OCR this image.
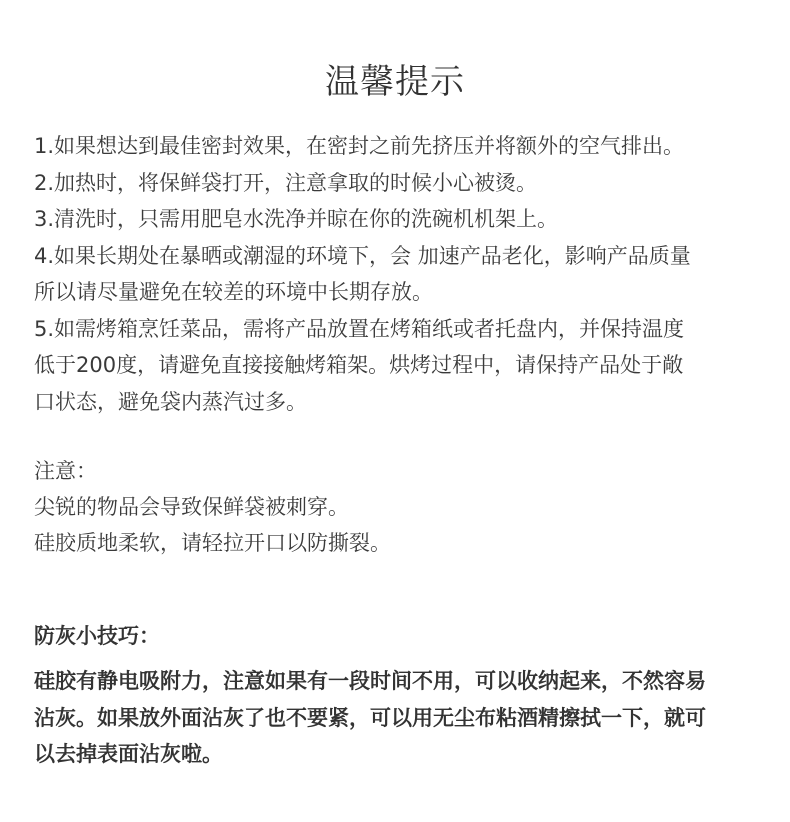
温馨提示

1.如果想达到最佳密封效果，在密封之前先挤压并将额外的空气排出。

2.加热时，将保鲜袋打开，注意拿取的时候小心被烫。

3.清洗时，只需用肥皂水洗净并晾在你的洗碗机机架上。

4.如果长期处在暴晒或潮湿的环境下，会 加速产品老化，影响产品质量

所以请尽量避免在较差的环境中长期存放。

5.如需烤箱烹饪菜品，需将产品放置在烤箱纸或者托盘内，并保持温度

低于200度，请避免直接接触烤箱架。烘烤过程中，请保持产品处于敞

口状态，避免袋内蒸汽过多。

注意：

尖锐的物品会导致保鲜袋被刺穿。

硅胶质地柔软，请轻拉开口以防撕裂。

防灰小技巧：

硅胶有静电吸附力，注意如果有一段时间不用，可以收纳起来，不然容易

沾灰。如果放外面沾灰了也不要紧，可以用无尘布粘酒精擦拭一下，就可

以去掉表面沾灰啦。
